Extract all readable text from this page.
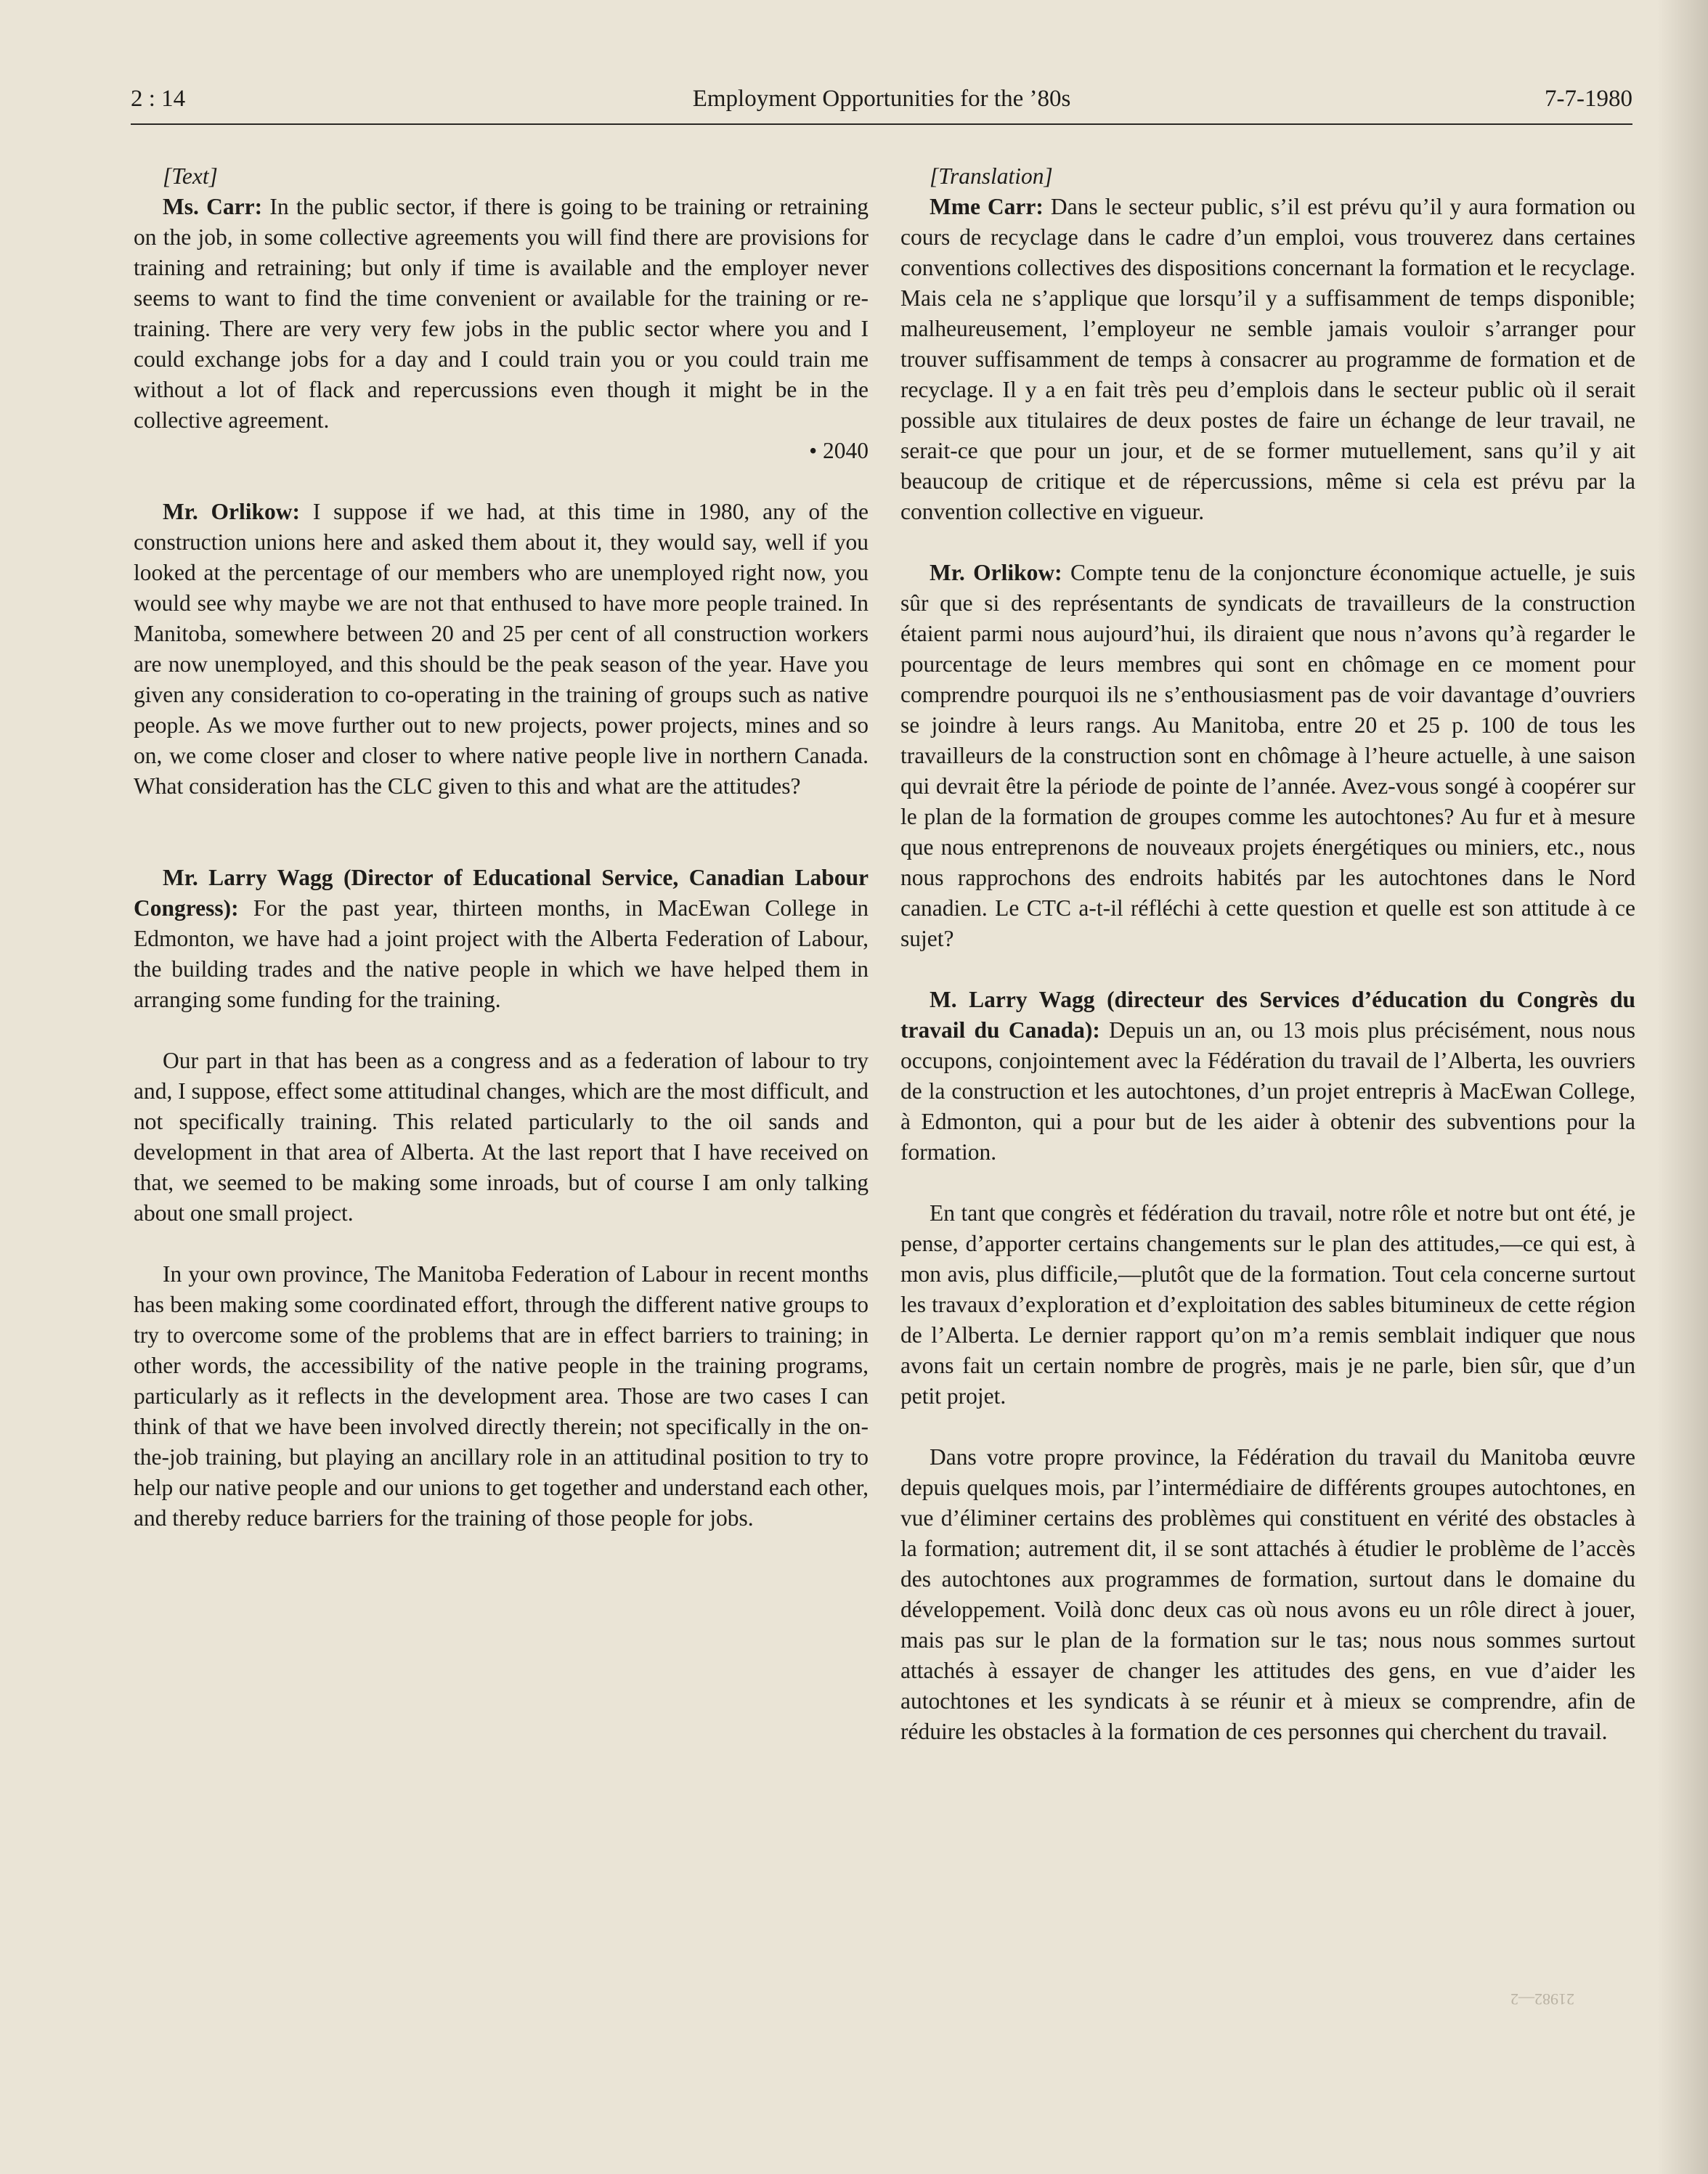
2 : 14	Employment Opportunities for the ’80s	7-7-1980

[Text]

Ms. Carr: In the public sector, if there is going to be training or retraining on the job, in some collective agreements you will find there are provisions for training and retraining; but only if time is available and the employer never seems to want to find the time convenient or available for the training or re-training. There are very very few jobs in the public sector where you and I could exchange jobs for a day and I could train you or you could train me without a lot of flack and repercussions even though it might be in the collective agreement.

• 2040

Mr. Orlikow: I suppose if we had, at this time in 1980, any of the construction unions here and asked them about it, they would say, well if you looked at the percentage of our members who are unemployed right now, you would see why maybe we are not that enthused to have more people trained. In Manitoba, somewhere between 20 and 25 per cent of all construction workers are now unemployed, and this should be the peak season of the year. Have you given any consideration to co-operating in the training of groups such as native people. As we move further out to new projects, power projects, mines and so on, we come closer and closer to where native people live in northern Canada. What consideration has the CLC given to this and what are the attitudes?

Mr. Larry Wagg (Director of Educational Service, Canadian Labour Congress): For the past year, thirteen months, in MacEwan College in Edmonton, we have had a joint project with the Alberta Federation of Labour, the building trades and the native people in which we have helped them in arranging some funding for the training.

Our part in that has been as a congress and as a federation of labour to try and, I suppose, effect some attitudinal changes, which are the most difficult, and not specifically training. This related particularly to the oil sands and development in that area of Alberta. At the last report that I have received on that, we seemed to be making some inroads, but of course I am only talking about one small project.

In your own province, The Manitoba Federation of Labour in recent months has been making some coordinated effort, through the different native groups to try to overcome some of the problems that are in effect barriers to training; in other words, the accessibility of the native people in the training programs, particularly as it reflects in the development area. Those are two cases I can think of that we have been involved directly therein; not specifically in the on-the-job training, but playing an ancillary role in an attitudinal position to try to help our native people and our unions to get together and understand each other, and thereby reduce barriers for the training of those people for jobs.

[Translation]

Mme Carr: Dans le secteur public, s’il est prévu qu’il y aura formation ou cours de recyclage dans le cadre d’un emploi, vous trouverez dans certaines conventions collectives des dispositions concernant la formation et le recyclage. Mais cela ne s’applique que lorsqu’il y a suffisamment de temps disponible; malheureusement, l’employeur ne semble jamais vouloir s’arranger pour trouver suffisamment de temps à consacrer au programme de formation et de recyclage. Il y a en fait très peu d’emplois dans le secteur public où il serait possible aux titulaires de deux postes de faire un échange de leur travail, ne serait-ce que pour un jour, et de se former mutuellement, sans qu’il y ait beaucoup de critique et de répercussions, même si cela est prévu par la convention collective en vigueur.

Mr. Orlikow: Compte tenu de la conjoncture économique actuelle, je suis sûr que si des représentants de syndicats de travailleurs de la construction étaient parmi nous aujourd’hui, ils diraient que nous n’avons qu’à regarder le pourcentage de leurs membres qui sont en chômage en ce moment pour comprendre pourquoi ils ne s’enthousiasment pas de voir davantage d’ouvriers se joindre à leurs rangs. Au Manitoba, entre 20 et 25 p. 100 de tous les travailleurs de la construction sont en chômage à l’heure actuelle, à une saison qui devrait être la période de pointe de l’année. Avez-vous songé à coopérer sur le plan de la formation de groupes comme les autochtones? Au fur et à mesure que nous entreprenons de nouveaux projets énergétiques ou miniers, etc., nous nous rapprochons des endroits habités par les autochtones dans le Nord canadien. Le CTC a-t-il réfléchi à cette question et quelle est son attitude à ce sujet?

M. Larry Wagg (directeur des Services d’éducation du Congrès du travail du Canada): Depuis un an, ou 13 mois plus précisément, nous nous occupons, conjointement avec la Fédération du travail de l’Alberta, les ouvriers de la construction et les autochtones, d’un projet entrepris à MacEwan College, à Edmonton, qui a pour but de les aider à obtenir des subventions pour la formation.

En tant que congrès et fédération du travail, notre rôle et notre but ont été, je pense, d’apporter certains changements sur le plan des attitudes,—ce qui est, à mon avis, plus difficile,—plutôt que de la formation. Tout cela concerne surtout les travaux d’exploration et d’exploitation des sables bitumineux de cette région de l’Alberta. Le dernier rapport qu’on m’a remis semblait indiquer que nous avons fait un certain nombre de progrès, mais je ne parle, bien sûr, que d’un petit projet.

Dans votre propre province, la Fédération du travail du Manitoba œuvre depuis quelques mois, par l’intermédiaire de différents groupes autochtones, en vue d’éliminer certains des problèmes qui constituent en vérité des obstacles à la formation; autrement dit, il se sont attachés à étudier le problème de l’accès des autochtones aux programmes de formation, surtout dans le domaine du développement. Voilà donc deux cas où nous avons eu un rôle direct à jouer, mais pas sur le plan de la formation sur le tas; nous nous sommes surtout attachés à essayer de changer les attitudes des gens, en vue d’aider les autochtones et les syndicats à se réunir et à mieux se comprendre, afin de réduire les obstacles à la formation de ces personnes qui cherchent du travail.

21982—2
